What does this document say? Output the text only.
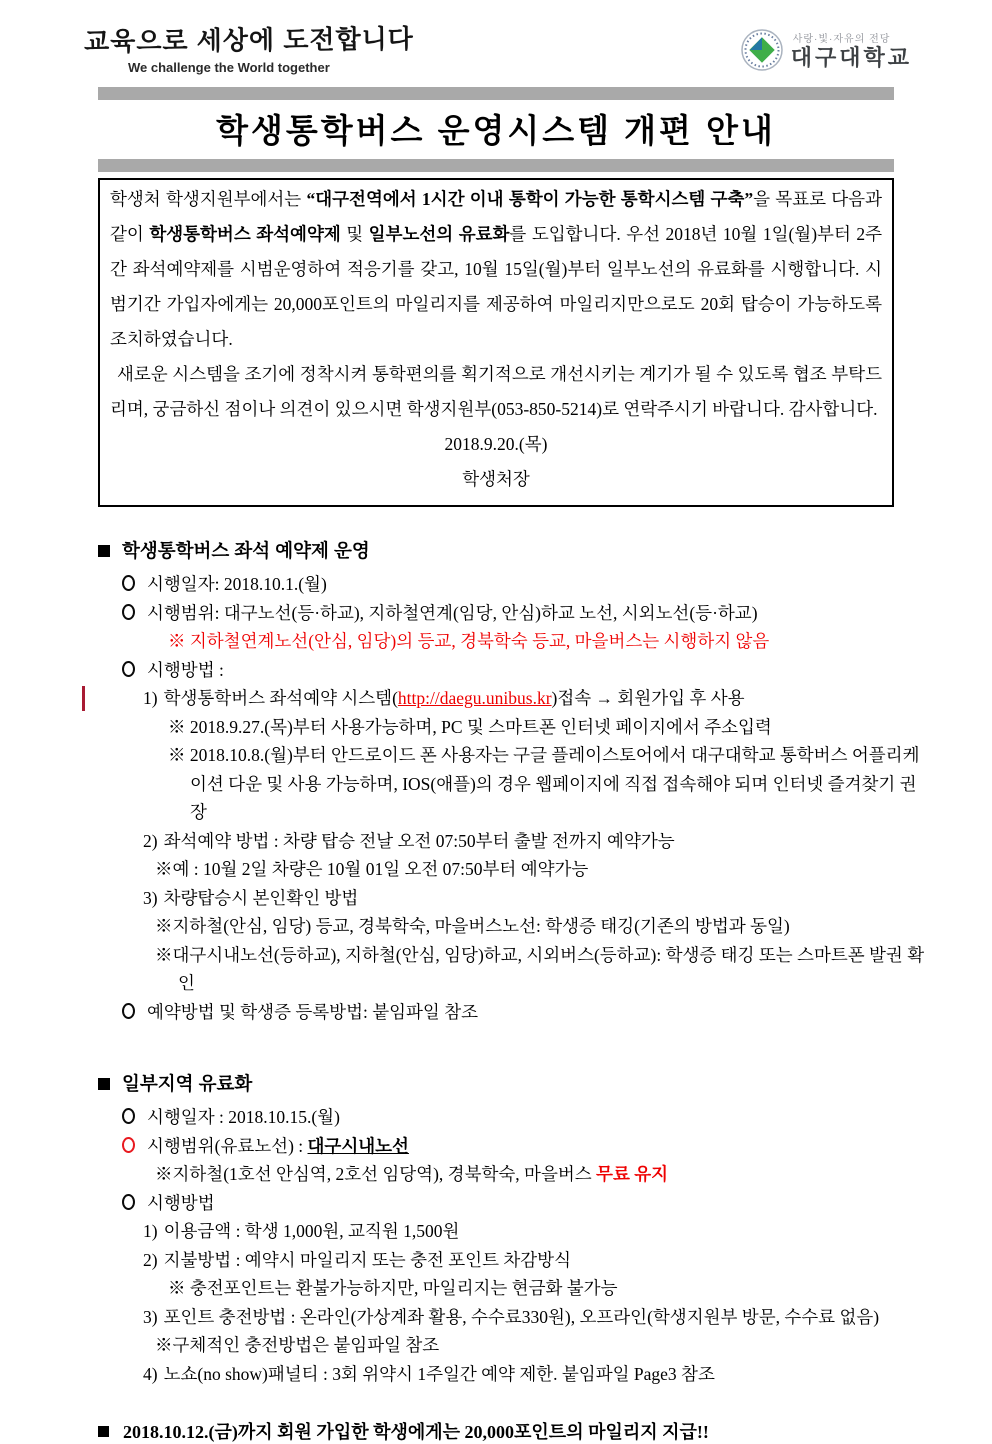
교육으로 세상에 도전합니다
We challenge the World together
사랑·빛·자유의 전당
대구대학교
학생통학버스 운영시스템 개편 안내
학생처 학생지원부에서는 “대구전역에서 1시간 이내 통학이 가능한 통학시스템 구축”을 목표로 다음과 같이 학생통학버스 좌석예약제 및 일부노선의 유료화를 도입합니다. 우선 2018년 10월 1일(월)부터 2주간 좌석예약제를 시범운영하여 적응기를 갖고, 10월 15일(월)부터 일부노선의 유료화를 시행합니다. 시범기간 가입자에게는 20,000포인트의 마일리지를 제공하여 마일리지만으로도 20회 탑승이 가능하도록 조치하였습니다.
새로운 시스템을 조기에 정착시켜 통학편의를 획기적으로 개선시키는 계기가 될 수 있도록 협조 부탁드리며, 궁금하신 점이나 의견이 있으시면 학생지원부(053-850-5214)로 연락주시기 바랍니다. 감사합니다.
2018.9.20.(목)
학생처장
학생통학버스 좌석 예약제 운영
시행일자: 2018.10.1.(월)
시행범위: 대구노선(등·하교), 지하철연계(임당, 안심)하교 노선, 시외노선(등·하교)
※ 지하철연계노선(안심, 임당)의 등교, 경북학숙 등교, 마을버스는 시행하지 않음
시행방법 :
1) 학생통학버스 좌석예약 시스템(http://daegu.unibus.kr)접속 → 회원가입 후 사용
※ 2018.9.27.(목)부터 사용가능하며, PC 및 스마트폰 인터넷 페이지에서 주소입력
※ 2018.10.8.(월)부터 안드로이드 폰 사용자는 구글 플레이스토어에서 대구대학교 통학버스 어플리케이션 다운 및 사용 가능하며, IOS(애플)의 경우 웹페이지에 직접 접속해야 되며 인터넷 즐겨찾기 권장
2) 좌석예약 방법 : 차량 탑승 전날 오전 07:50부터 출발 전까지 예약가능
※예 : 10월 2일 차량은 10월 01일 오전 07:50부터 예약가능
3) 차량탑승시 본인확인 방법
※지하철(안심, 임당) 등교, 경북학숙, 마을버스노선: 학생증 태깅(기존의 방법과 동일)
※대구시내노선(등하교), 지하철(안심, 임당)하교, 시외버스(등하교): 학생증 태깅 또는 스마트폰 발권 확인
예약방법 및 학생증 등록방법: 붙임파일 참조
일부지역 유료화
시행일자 : 2018.10.15.(월)
시행범위(유료노선) : 대구시내노선
※지하철(1호선 안심역, 2호선 임당역), 경북학숙, 마을버스 무료 유지
시행방법
1) 이용금액 : 학생 1,000원, 교직원 1,500원
2) 지불방법 : 예약시 마일리지 또는 충전 포인트 차감방식
※ 충전포인트는 환불가능하지만, 마일리지는 현금화 불가능
3) 포인트 충전방법 : 온라인(가상계좌 활용, 수수료330원), 오프라인(학생지원부 방문, 수수료 없음)
※구체적인 충전방법은 붙임파일 참조
4) 노쇼(no show)패널티 : 3회 위약시 1주일간 예약 제한. 붙임파일 Page3 참조
2018.10.12.(금)까지 회원 가입한 학생에게는 20,000포인트의 마일리지 지급!!
